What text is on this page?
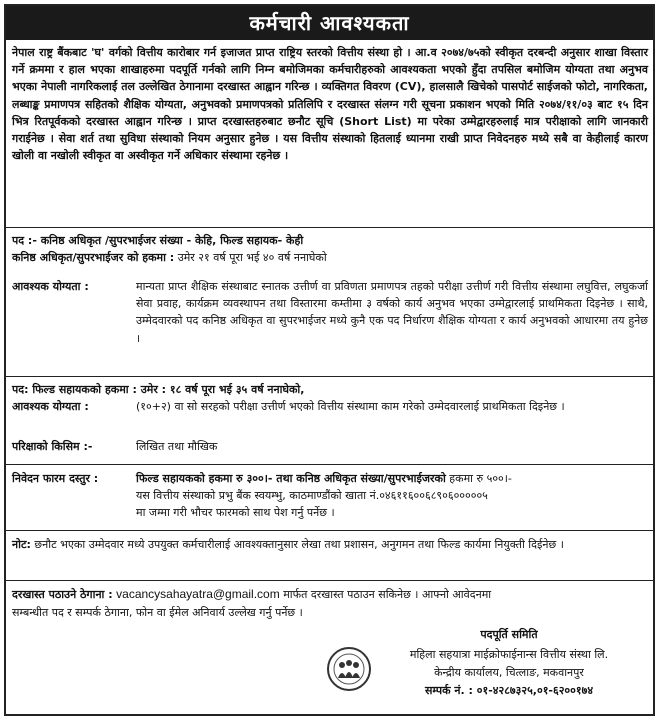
कर्मचारी आवश्यकता
नेपाल राष्ट्र बैंकबाट 'घ' वर्गको वित्तीय कारोबार गर्न इजाजत प्राप्त राष्ट्रिय स्तरको वित्तीय संस्था हो । आ.व २०७४/७५को स्वीकृत दरबन्दी अनुसार शाखा विस्तार गर्ने क्रममा र हाल भएका शाखाहरुमा पदपूर्ति गर्नको लागि निम्न बमोजिमका कर्मचारीहरुको आवश्यकता भएको हुँदा तपसिल बमोजिम योग्यता तथा अनुभव भएका नेपाली नागरिकलाई तल उल्लेखित ठेगानामा दरखास्त आह्वान गरिन्छ । व्यक्तिगत विवरण (CV), हालसालै खिचेको पासपोर्ट साईजको फोटो, नागरिकता, लब्धाङ्क प्रमाणपत्र सहितको शैक्षिक योग्यता, अनुभवको प्रमाणपत्रको प्रतिलिपि र दरखास्त संलग्न गरी सूचना प्रकाशन भएको मिति २०७४/११/०३ बाट १५ दिन भित्र रितपूर्वकको दरखास्त आह्वान गरिन्छ । प्राप्त दरखास्तहरुबाट छनौट सूचि (Short List) मा परेका उम्मेद्वारहरुलाई मात्र परीक्षाको लागि जानकारी गराईनेछ । सेवा शर्त तथा सुविधा संस्थाको नियम अनुसार हुनेछ । यस वित्तीय संस्थाको हितलाई ध्यानमा राखी प्राप्त निवेदनहरु मध्ये सबै वा केहीलाई कारण खोली वा नखोली स्वीकृत वा अस्वीकृत गर्ने अधिकार संस्थामा रहनेछ ।
पद :- कनिष्ठ अधिकृत /सुपरभाईजर संख्या - केहि, फिल्ड सहायक- केही
कनिष्ठ अधिकृत/सुपरभाईजर को हकमा : उमेर २१ वर्ष पूरा भई ४० वर्ष ननाघेको
आवश्यक योग्यता :	मान्यता प्राप्त शैक्षिक संस्थाबाट स्नातक उत्तीर्ण वा प्रविणता प्रमाणपत्र तहको परीक्षा उत्तीर्ण गरी वित्तीय संस्थामा लघुवित्त, लघुकर्जा सेवा प्रवाह, कार्यक्रम व्यवस्थापन तथा विस्तारमा कम्तीमा ३ वर्षको कार्य अनुभव भएका उम्मेद्वारलाई प्राथमिकता दिइनेछ । साथै, उम्मेदवारको पद कनिष्ठ अधिकृत वा सुपरभाईजर मध्ये कुनै एक पद निर्धारण शैक्षिक योग्यता र कार्य अनुभवको आधारमा तय हुनेछ ।
पद: फिल्ड सहायकको हकमा : उमेर : १८ वर्ष पूरा भई ३५ वर्ष ननाघेको,
आवश्यक योग्यता :	(१०+२) वा सो सरहको परीक्षा उत्तीर्ण भएको वित्तीय संस्थामा काम गरेको उम्मेदवारलाई प्राथमिकता दिइनेछ ।
परिक्षाको किसिम :-	लिखित तथा मौखिक
निवेदन फारम दस्तुर :	फिल्ड सहायकको हकमा रु ३००।- तथा कनिष्ठ अधिकृत संख्या/सुपरभाईजरको हकमा रु ५००।-
यस वित्तीय संस्थाको प्रभु बैंक स्वयम्भु, काठमाण्डौंको खाता नं.०४६११६००६८९०६०००००५
मा जम्मा गरी भौचर फारमको साथ पेश गर्नु पर्नेछ ।
नोट: छनौट भएका उम्मेदवार मध्ये उपयुक्त कर्मचारीलाई आवश्यक्तानुसार लेखा तथा प्रशासन, अनुगमन तथा फिल्ड कार्यमा नियुक्ती दिईनेछ ।
दरखास्त पठाउने ठेगाना : vacancysahayatra@gmail.com मार्फत दरखास्त पठाउन सकिनेछ । आफ्नो आवेदनमा
सम्बन्धीत पद र सम्पर्क ठेगाना, फोन वा ईमेल अनिवार्य उल्लेख गर्नु पर्नेछ ।
पदपूर्ति समिति
महिला सहयात्रा माईक्रोफाईनान्स वित्तीय संस्था लि.
केन्द्रीय कार्यालय, चित्लाङ, मकवानपुर
सम्पर्क नं. : ०१-४२८७३२५,०१-६२००१७४
